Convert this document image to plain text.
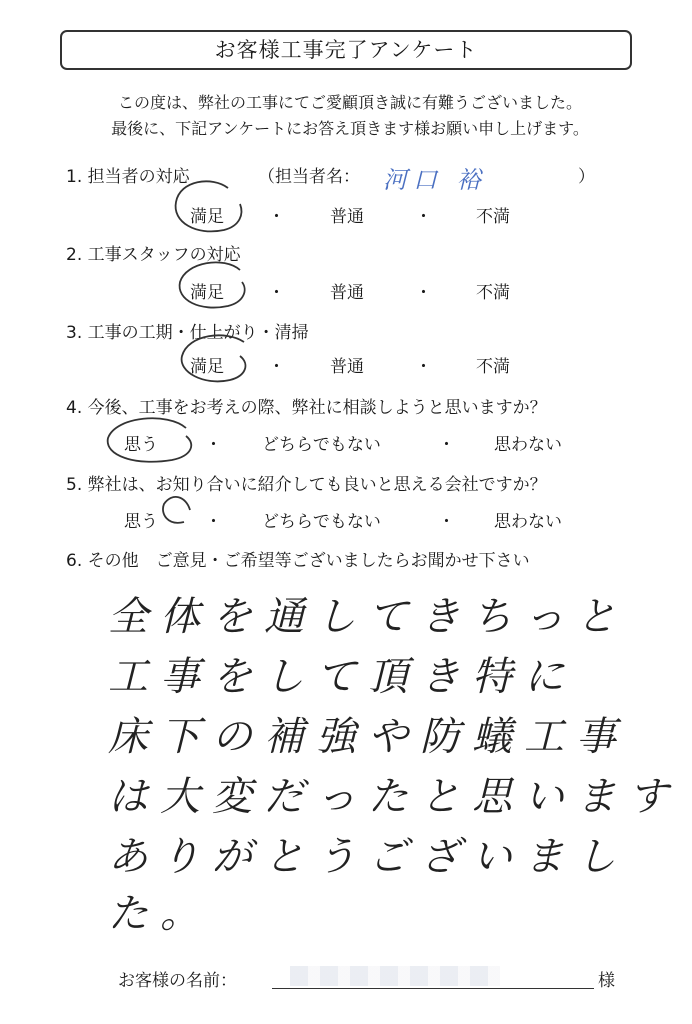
お客様工事完了アンケート
この度は、弊社の工事にてご愛顧頂き誠に有難うございました。
最後に、下記アンケートにお答え頂きます様お願い申し上げます。
1. 担当者の対応	（担当者名：	）
河口 裕
満足	・	普通	・	不満
2. 工事スタッフの対応
満足	・	普通	・	不満
3. 工事の工期・仕上がり・清掃
満足	・	普通	・	不満
4. 今後、工事をお考えの際、弊社に相談しようと思いますか？
思う	・ どちらでもない	・ 思わない
5. 弊社は、お知り合いに紹介しても良いと思える会社ですか？
思う	・ どちらでもない	・ 思わない
6. その他　ご意見・ご希望等ございましたらお聞かせ下さい
全体を通してきちっと
工事をして頂き特に
床下の補強や防蟻工事
は大変だったと思います
ありがとうございました。
お客様の名前：	様
